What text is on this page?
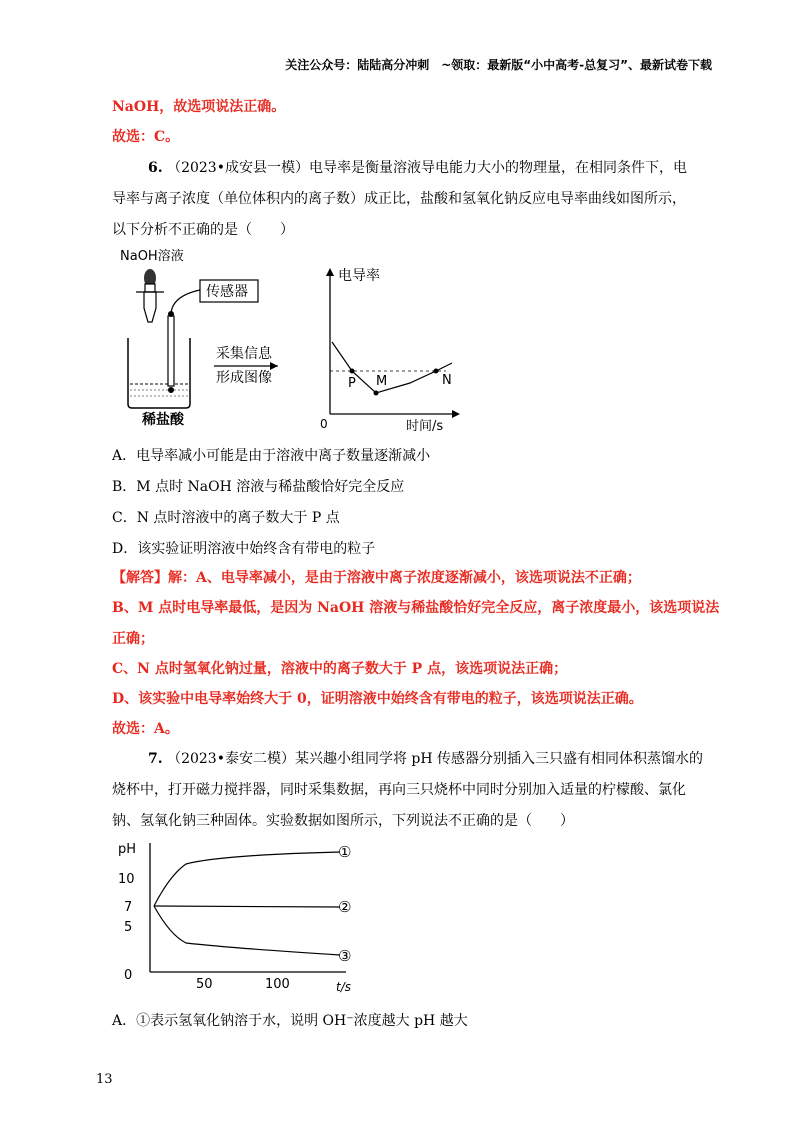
关注公众号：陆陆高分冲刺　~领取：最新版“小中高考-总复习”、最新试卷下载
NaOH，故选项说法正确。
故选：C。
6. （2023•成安县一模）电导率是衡量溶液导电能力大小的物理量，在相同条件下，电
导率与离子浓度（单位体积内的离子数）成正比，盐酸和氢氧化钠反应电导率曲线如图所示，
以下分析不正确的是（　　）
NaOH溶液
稀盐酸
传感器
采集信息
形成图像
电导率
时间/s
0
P M	N
A．电导率减小可能是由于溶液中离子数量逐渐减小
B．M 点时 NaOH 溶液与稀盐酸恰好完全反应
C．N 点时溶液中的离子数大于 P 点
D．该实验证明溶液中始终含有带电的粒子
【解答】解：A、电导率减小，是由于溶液中离子浓度逐渐减小，该选项说法不正确；
B、M 点时电导率最低，是因为 NaOH 溶液与稀盐酸恰好完全反应，离子浓度最小，该选项说法
正确；
C、N 点时氢氧化钠过量，溶液中的离子数大于 P 点，该选项说法正确；
D、该实验中电导率始终大于 0，证明溶液中始终含有带电的粒子，该选项说法正确。
故选：A。
7. （2023•泰安二模）某兴趣小组同学将 pH 传感器分别插入三只盛有相同体积蒸馏水的
烧杯中，打开磁力搅拌器，同时采集数据，再向三只烧杯中同时分别加入适量的柠檬酸、氯化
钠、氢氧化钠三种固体。实验数据如图所示，下列说法不正确的是（　　）
pH
10
7
5
0
50	100	t/s
①
②
③
A．①表示氢氧化钠溶于水，说明 OH⁻浓度越大 pH 越大
13
